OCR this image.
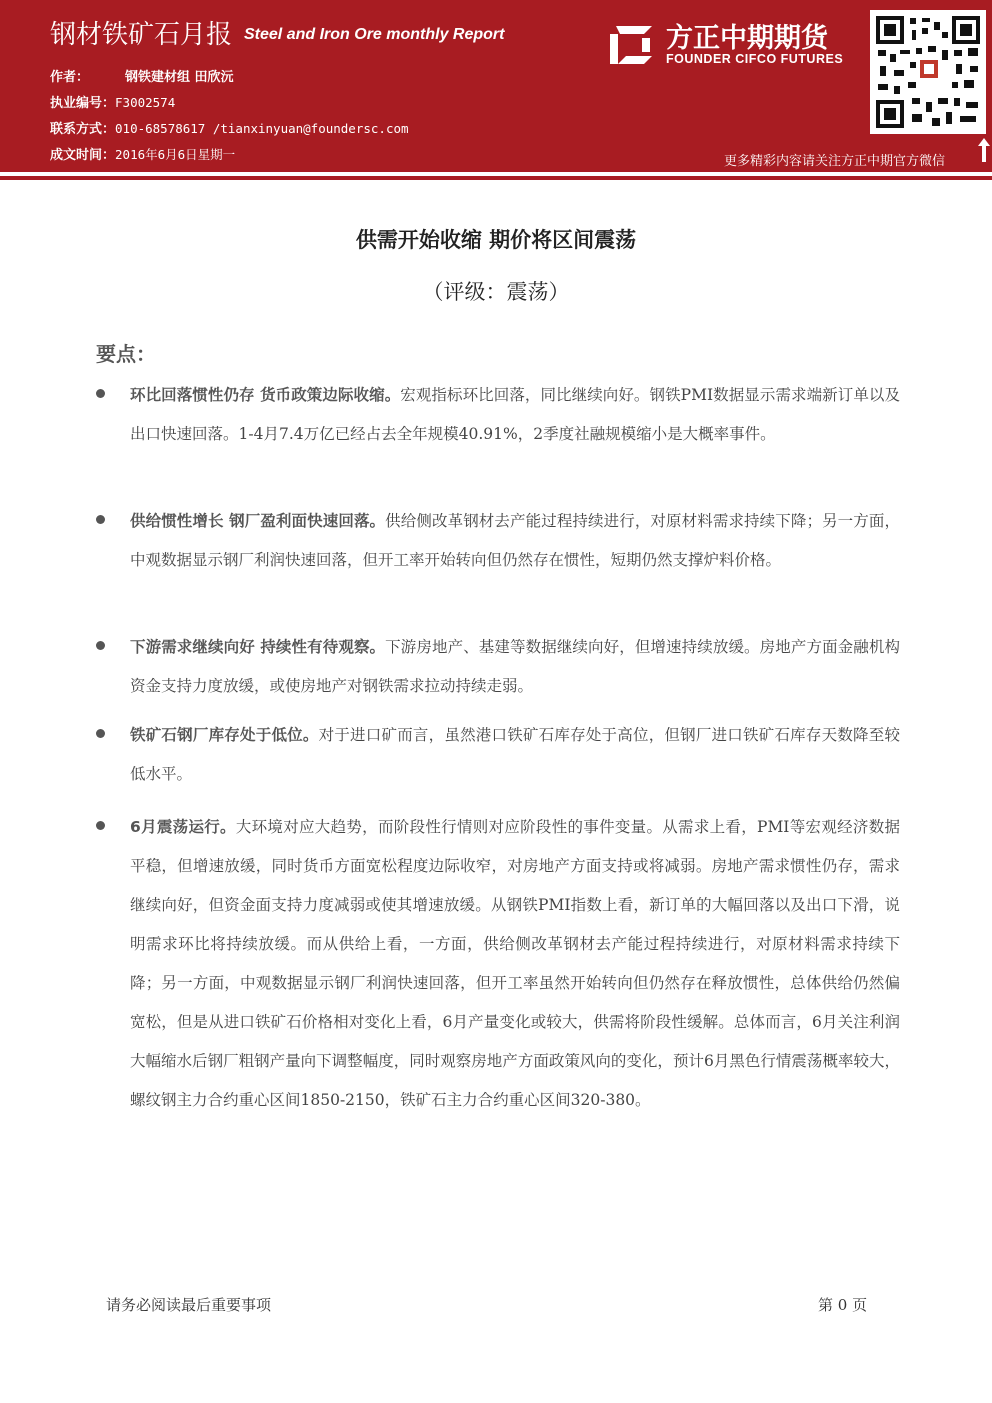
钢材铁矿石月报 Steel and Iron Ore monthly Report
作者：	钢铁建材组 田欣沅
执业编号：F3002574
联系方式：010-68578617 /tianxinyuan@foundersc.com
成文时间：2016年6月6日星期一
方正中期期货
FOUNDER CIFCO FUTURES
更多精彩内容请关注方正中期官方微信
供需开始收缩 期价将区间震荡
（评级：震荡）
要点：
环比回落惯性仍存 货币政策边际收缩。宏观指标环比回落，同比继续向好。钢铁PMI数据显示需求端新订单以及出口快速回落。1-4月7.4万亿已经占去全年规模40.91%，2季度社融规模缩小是大概率事件。
供给惯性增长 钢厂盈利面快速回落。供给侧改革钢材去产能过程持续进行，对原材料需求持续下降；另一方面，中观数据显示钢厂利润快速回落，但开工率开始转向但仍然存在惯性，短期仍然支撑炉料价格。
下游需求继续向好 持续性有待观察。下游房地产、基建等数据继续向好，但增速持续放缓。房地产方面金融机构资金支持力度放缓，或使房地产对钢铁需求拉动持续走弱。
铁矿石钢厂库存处于低位。对于进口矿而言，虽然港口铁矿石库存处于高位，但钢厂进口铁矿石库存天数降至较低水平。
6月震荡运行。大环境对应大趋势，而阶段性行情则对应阶段性的事件变量。从需求上看，PMI等宏观经济数据平稳，但增速放缓，同时货币方面宽松程度边际收窄，对房地产方面支持或将减弱。房地产需求惯性仍存，需求继续向好，但资金面支持力度减弱或使其增速放缓。从钢铁PMI指数上看，新订单的大幅回落以及出口下滑，说明需求环比将持续放缓。而从供给上看，一方面，供给侧改革钢材去产能过程持续进行，对原材料需求持续下降；另一方面，中观数据显示钢厂利润快速回落，但开工率虽然开始转向但仍然存在释放惯性，总体供给仍然偏宽松，但是从进口铁矿石价格相对变化上看，6月产量变化或较大，供需将阶段性缓解。总体而言，6月关注利润大幅缩水后钢厂粗钢产量向下调整幅度，同时观察房地产方面政策风向的变化，预计6月黑色行情震荡概率较大，螺纹钢主力合约重心区间1850-2150，铁矿石主力合约重心区间320-380。
请务必阅读最后重要事项	第 0 页
